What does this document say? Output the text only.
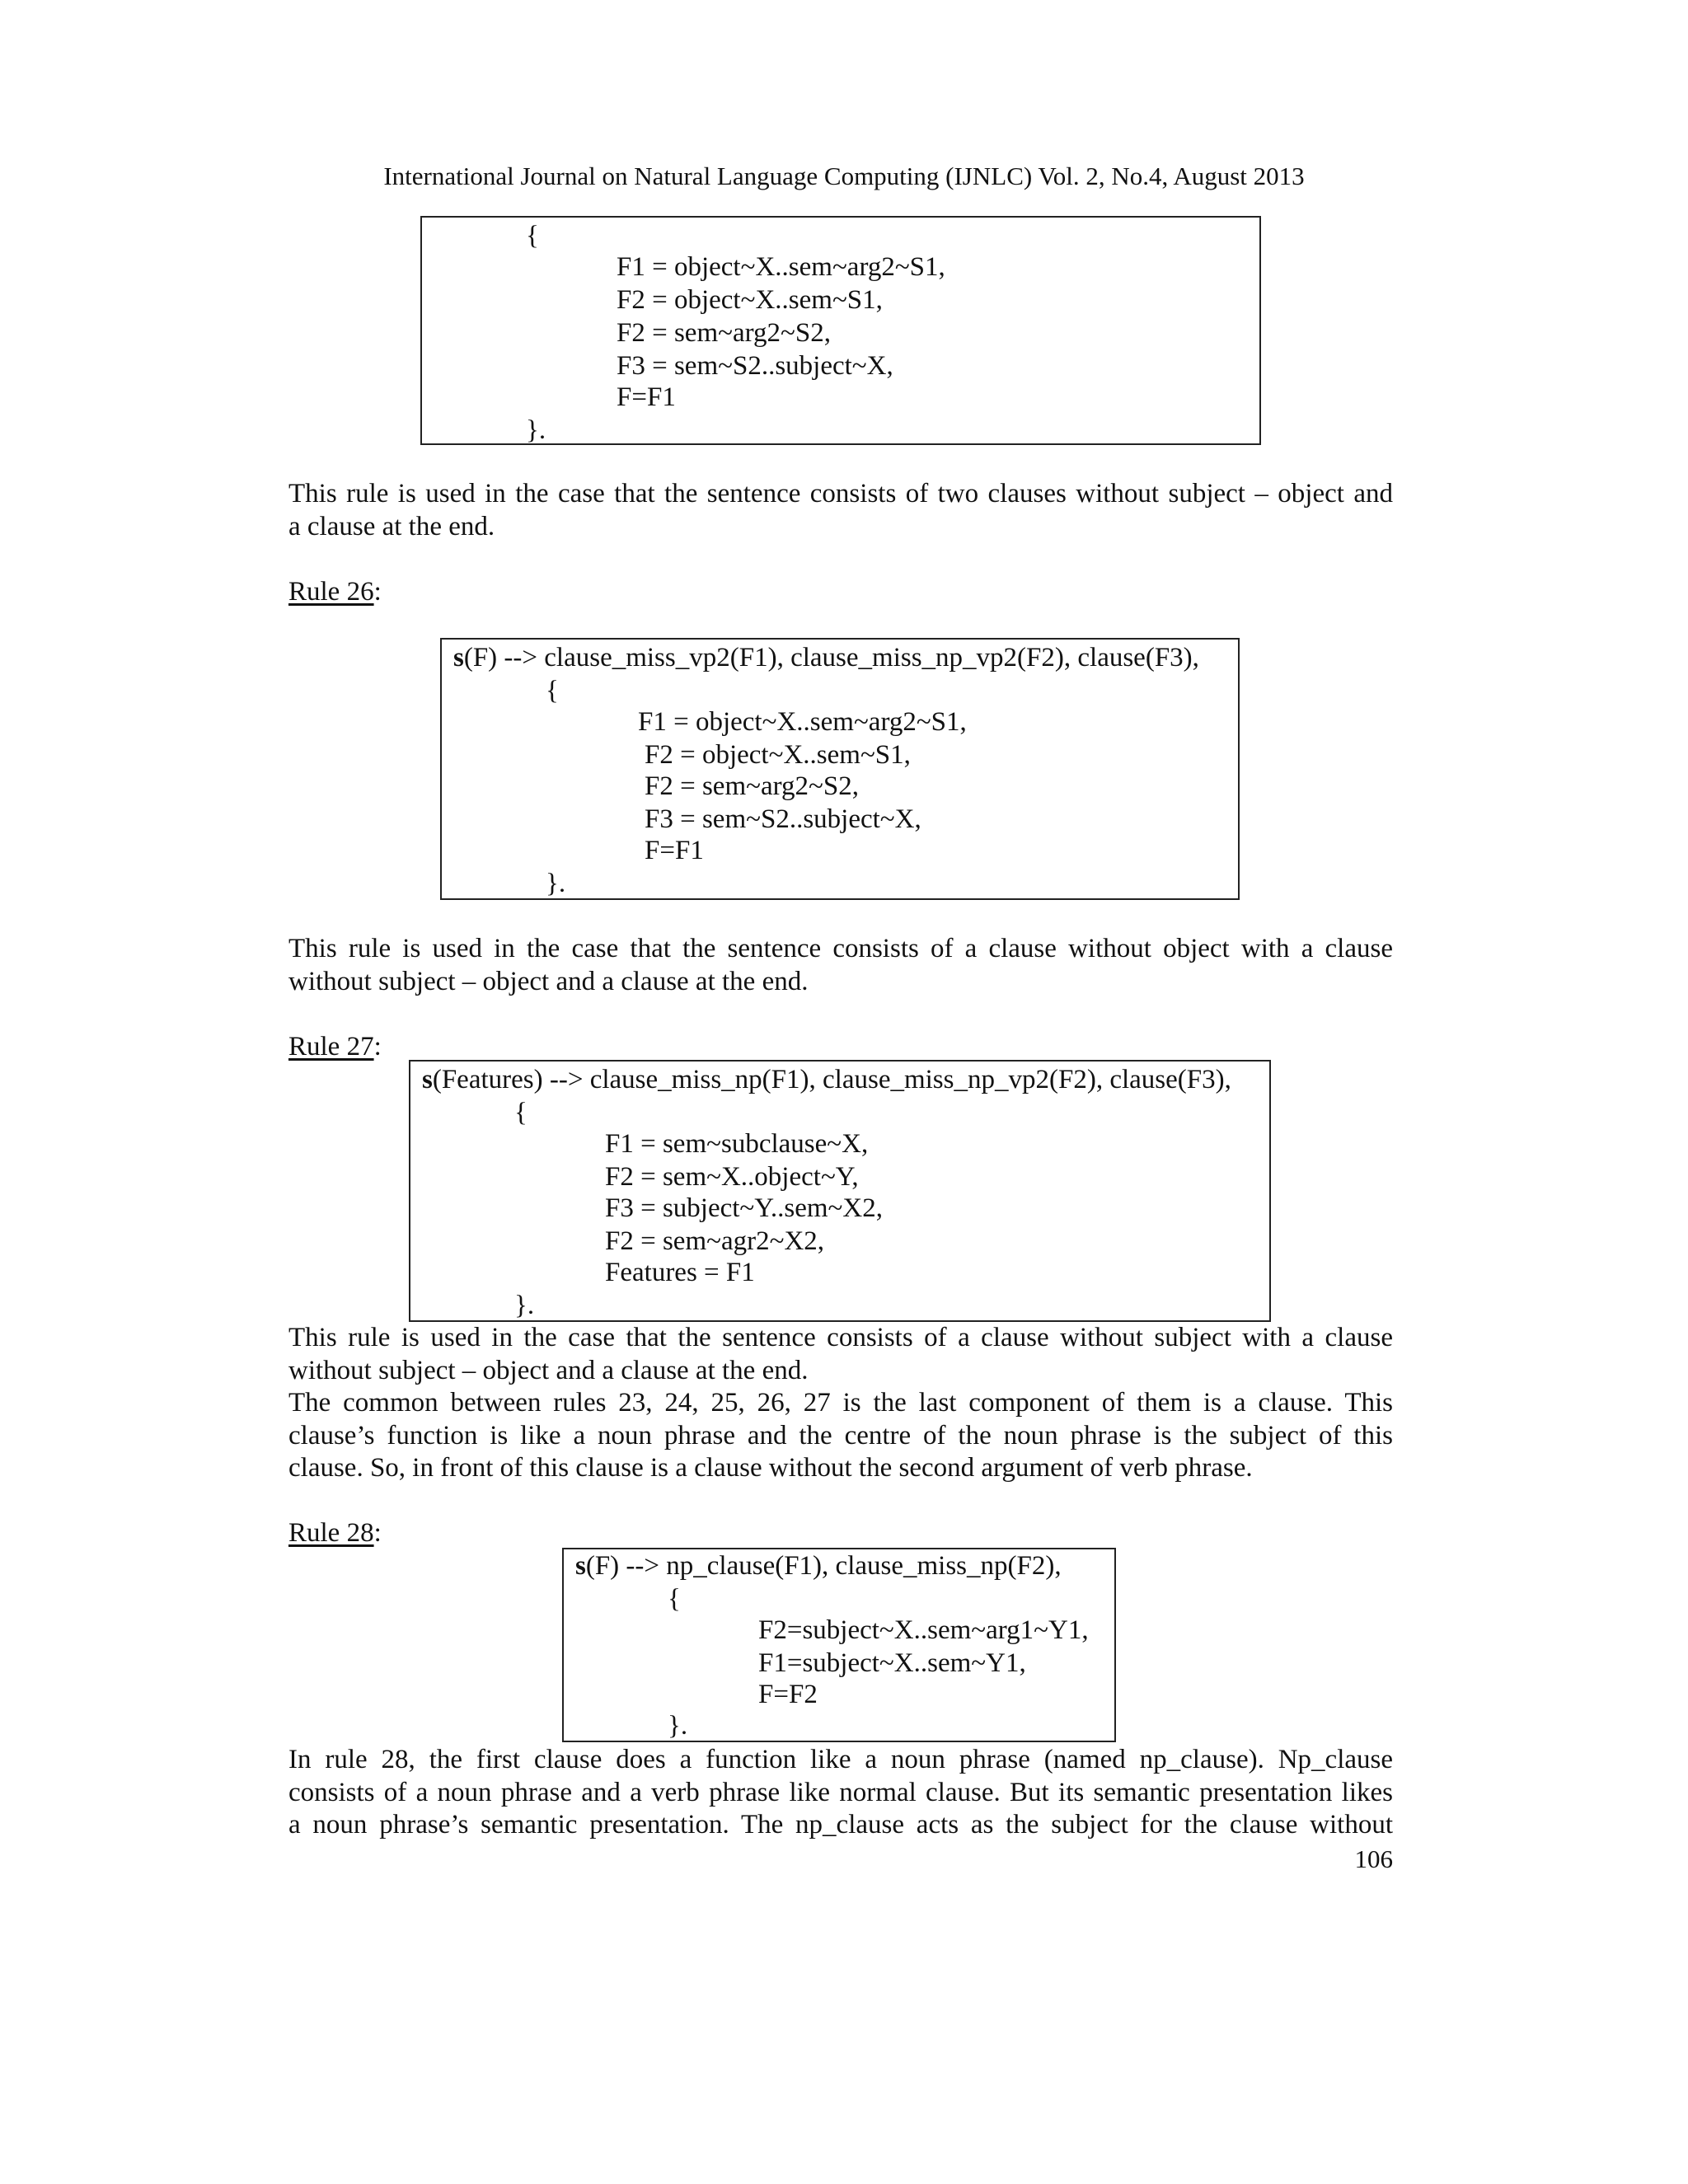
International Journal on Natural Language Computing (IJNLC) Vol. 2, No.4, August 2013
{
F1 = object~X..sem~arg2~S1,
F2 = object~X..sem~S1,
F2 = sem~arg2~S2,
F3 = sem~S2..subject~X,
F=F1
}.

This rule is used in the case that the sentence consists of two clauses without subject – object and

a clause at the end.

Rule 26:
s(F) --> clause_miss_vp2(F1), clause_miss_np_vp2(F2), clause(F3),
{
F1 = object~X..sem~arg2~S1,
F2 = object~X..sem~S1,
F2 = sem~arg2~S2,
F3 = sem~S2..subject~X,
F=F1
}.

This rule is used in the case that the sentence consists of a clause without object with a clause

without subject – object and a clause at the end.

Rule 27:
s(Features) --> clause_miss_np(F1), clause_miss_np_vp2(F2), clause(F3),
{
F1 = sem~subclause~X,
F2 = sem~X..object~Y,
F3 = subject~Y..sem~X2,
F2 = sem~agr2~X2,
Features = F1
}.

This rule is used in the case that the sentence consists of a clause without subject with a clause

without subject – object and a clause at the end.

The common between rules 23, 24, 25, 26, 27 is the last component of them is a clause. This

clause’s function is like a noun phrase and the centre of the noun phrase is the subject of this

clause. So, in front of this clause is a clause without the second argument of verb phrase.

Rule 28:
s(F) --> np_clause(F1), clause_miss_np(F2),
{
F2=subject~X..sem~arg1~Y1,
F1=subject~X..sem~Y1,
F=F2
}.

In rule 28, the first clause does a function like a noun phrase (named np_clause). Np_clause

consists of a noun phrase and a verb phrase like normal clause. But its semantic presentation likes

a noun phrase’s semantic presentation. The np_clause acts as the subject for the clause without

106
